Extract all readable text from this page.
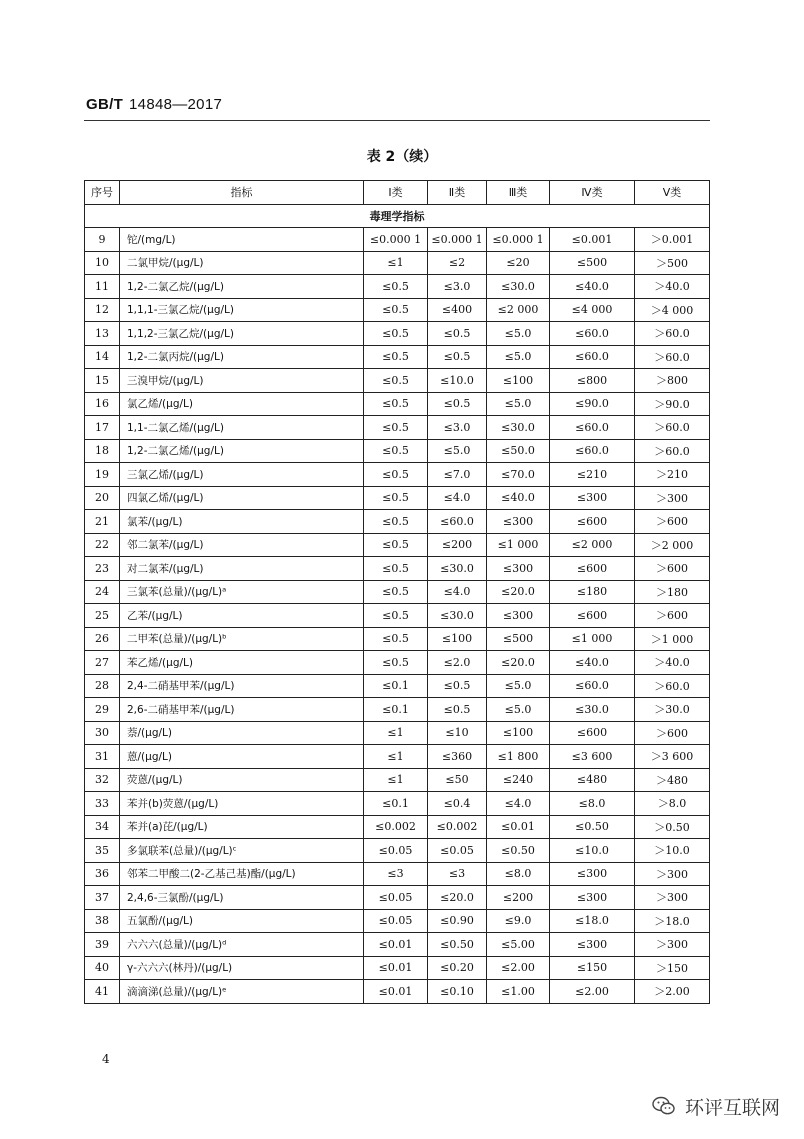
GB/T 14848—2017
表 2（续）
序号	指标	Ⅰ类	Ⅱ类	Ⅲ类	Ⅳ类	Ⅴ类
毒理学指标						
9	铊/(mg/L)	≤0.000 1	≤0.000 1	≤0.000 1	≤0.001	＞0.001
10	二氯甲烷/(μg/L)	≤1	≤2	≤20	≤500	＞500
11	1,2-二氯乙烷/(μg/L)	≤0.5	≤3.0	≤30.0	≤40.0	＞40.0
12	1,1,1-三氯乙烷/(μg/L)	≤0.5	≤400	≤2 000	≤4 000	＞4 000
13	1,1,2-三氯乙烷/(μg/L)	≤0.5	≤0.5	≤5.0	≤60.0	＞60.0
14	1,2-二氯丙烷/(μg/L)	≤0.5	≤0.5	≤5.0	≤60.0	＞60.0
15	三溴甲烷/(μg/L)	≤0.5	≤10.0	≤100	≤800	＞800
16	氯乙烯/(μg/L)	≤0.5	≤0.5	≤5.0	≤90.0	＞90.0
17	1,1-二氯乙烯/(μg/L)	≤0.5	≤3.0	≤30.0	≤60.0	＞60.0
18	1,2-二氯乙烯/(μg/L)	≤0.5	≤5.0	≤50.0	≤60.0	＞60.0
19	三氯乙烯/(μg/L)	≤0.5	≤7.0	≤70.0	≤210	＞210
20	四氯乙烯/(μg/L)	≤0.5	≤4.0	≤40.0	≤300	＞300
21	氯苯/(μg/L)	≤0.5	≤60.0	≤300	≤600	＞600
22	邻二氯苯/(μg/L)	≤0.5	≤200	≤1 000	≤2 000	＞2 000
23	对二氯苯/(μg/L)	≤0.5	≤30.0	≤300	≤600	＞600
24	三氯苯(总量)/(μg/L)ᵃ	≤0.5	≤4.0	≤20.0	≤180	＞180
25	乙苯/(μg/L)	≤0.5	≤30.0	≤300	≤600	＞600
26	二甲苯(总量)/(μg/L)ᵇ	≤0.5	≤100	≤500	≤1 000	＞1 000
27	苯乙烯/(μg/L)	≤0.5	≤2.0	≤20.0	≤40.0	＞40.0
28	2,4-二硝基甲苯/(μg/L)	≤0.1	≤0.5	≤5.0	≤60.0	＞60.0
29	2,6-二硝基甲苯/(μg/L)	≤0.1	≤0.5	≤5.0	≤30.0	＞30.0
30	萘/(μg/L)	≤1	≤10	≤100	≤600	＞600
31	蒽/(μg/L)	≤1	≤360	≤1 800	≤3 600	＞3 600
32	荧蒽/(μg/L)	≤1	≤50	≤240	≤480	＞480
33	苯并(b)荧蒽/(μg/L)	≤0.1	≤0.4	≤4.0	≤8.0	＞8.0
34	苯并(a)芘/(μg/L)	≤0.002	≤0.002	≤0.01	≤0.50	＞0.50
35	多氯联苯(总量)/(μg/L)ᶜ	≤0.05	≤0.05	≤0.50	≤10.0	＞10.0
36	邻苯二甲酸二(2-乙基己基)酯/(μg/L)	≤3	≤3	≤8.0	≤300	＞300
37	2,4,6-三氯酚/(μg/L)	≤0.05	≤20.0	≤200	≤300	＞300
38	五氯酚/(μg/L)	≤0.05	≤0.90	≤9.0	≤18.0	＞18.0
39	六六六(总量)/(μg/L)ᵈ	≤0.01	≤0.50	≤5.00	≤300	＞300
40	γ-六六六(林丹)/(μg/L)	≤0.01	≤0.20	≤2.00	≤150	＞150
41	滴滴涕(总量)/(μg/L)ᵉ	≤0.01	≤0.10	≤1.00	≤2.00	＞2.00
4
环评互联网
